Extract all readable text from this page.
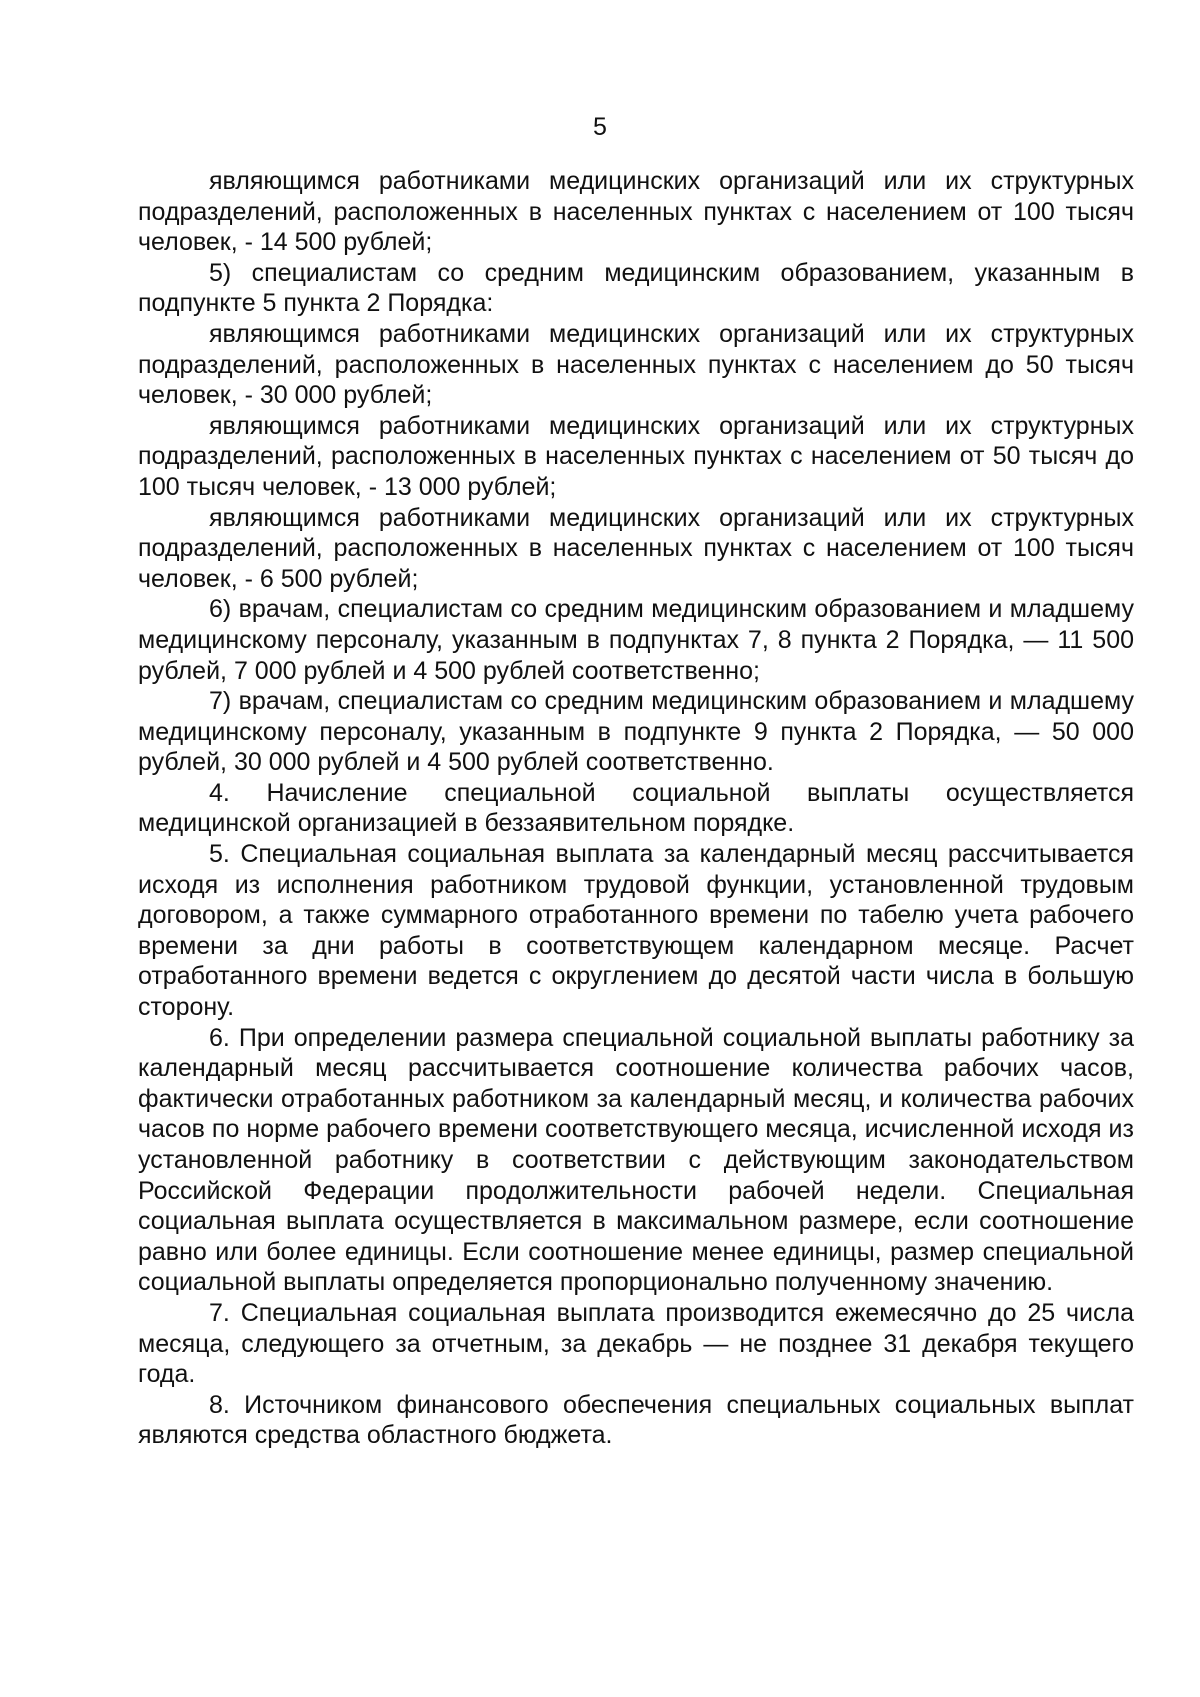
5

являющимся работниками медицинских организаций или их структурных подразделений, расположенных в населенных пунктах с населением от 100 тысяч человек, - 14 500 рублей;

5) специалистам со средним медицинским образованием, указанным в подпункте 5 пункта 2 Порядка:

являющимся работниками медицинских организаций или их структурных подразделений, расположенных в населенных пунктах с населением до 50 тысяч человек, - 30 000 рублей;

являющимся работниками медицинских организаций или их структурных подразделений, расположенных в населенных пунктах с населением от 50 тысяч до 100 тысяч человек, - 13 000 рублей;

являющимся работниками медицинских организаций или их структурных подразделений, расположенных в населенных пунктах с населением от 100 тысяч человек, - 6 500 рублей;

6) врачам, специалистам со средним медицинским образованием и младшему медицинскому персоналу, указанным в подпунктах 7, 8 пункта 2 Порядка, — 11 500 рублей, 7 000 рублей и 4 500 рублей соответственно;

7) врачам, специалистам со средним медицинским образованием и младшему медицинскому персоналу, указанным в подпункте 9 пункта 2 Порядка, — 50 000 рублей, 30 000 рублей и 4 500 рублей соответственно.

4. Начисление специальной социальной выплаты осуществляется медицинской организацией в беззаявительном порядке.

5. Специальная социальная выплата за календарный месяц рассчитывается исходя из исполнения работником трудовой функции, установленной трудовым договором, а также суммарного отработанного времени по табелю учета рабочего времени за дни работы в соответствующем календарном месяце. Расчет отработанного времени ведется с округлением до десятой части числа в большую сторону.

6. При определении размера специальной социальной выплаты работнику за календарный месяц рассчитывается соотношение количества рабочих часов, фактически отработанных работником за календарный месяц, и количества рабочих часов по норме рабочего времени соответствующего месяца, исчисленной исходя из установленной работнику в соответствии с действующим законодательством Российской Федерации продолжительности рабочей недели. Специальная социальная выплата осуществляется в максимальном размере, если соотношение равно или более единицы. Если соотношение менее единицы, размер специальной социальной выплаты определяется пропорционально полученному значению.

7. Специальная социальная выплата производится ежемесячно до 25 числа месяца, следующего за отчетным, за декабрь — не позднее 31 декабря текущего года.

8. Источником финансового обеспечения специальных социальных выплат являются средства областного бюджета.
